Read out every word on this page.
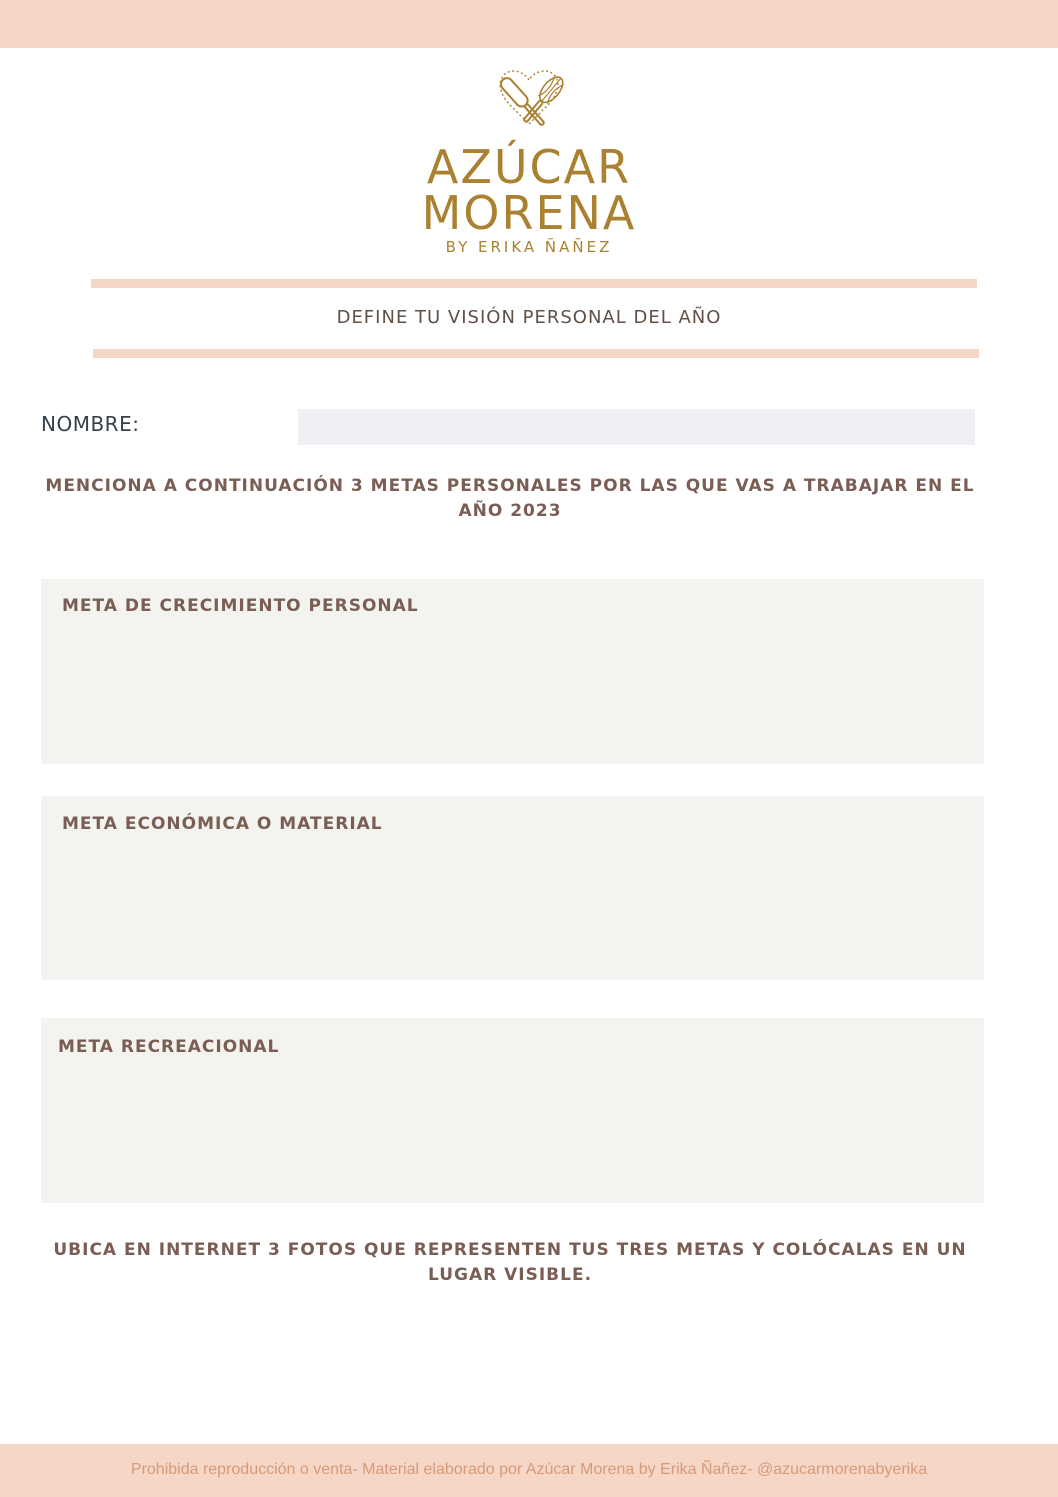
AZÚCAR
MORENA
BY ERIKA ÑAÑEZ
DEFINE TU VISIÓN PERSONAL DEL AÑO
NOMBRE:
MENCIONA A CONTINUACIÓN 3 METAS PERSONALES POR LAS QUE VAS A TRABAJAR EN EL AÑO 2023
META DE CRECIMIENTO PERSONAL
META ECONÓMICA O MATERIAL
META RECREACIONAL
UBICA EN INTERNET 3 FOTOS QUE REPRESENTEN TUS TRES METAS Y COLÓCALAS EN UN LUGAR VISIBLE.
Prohibida reproducción o venta- Material elaborado por Azúcar Morena by Erika Ñañez- @azucarmorenabyerika
